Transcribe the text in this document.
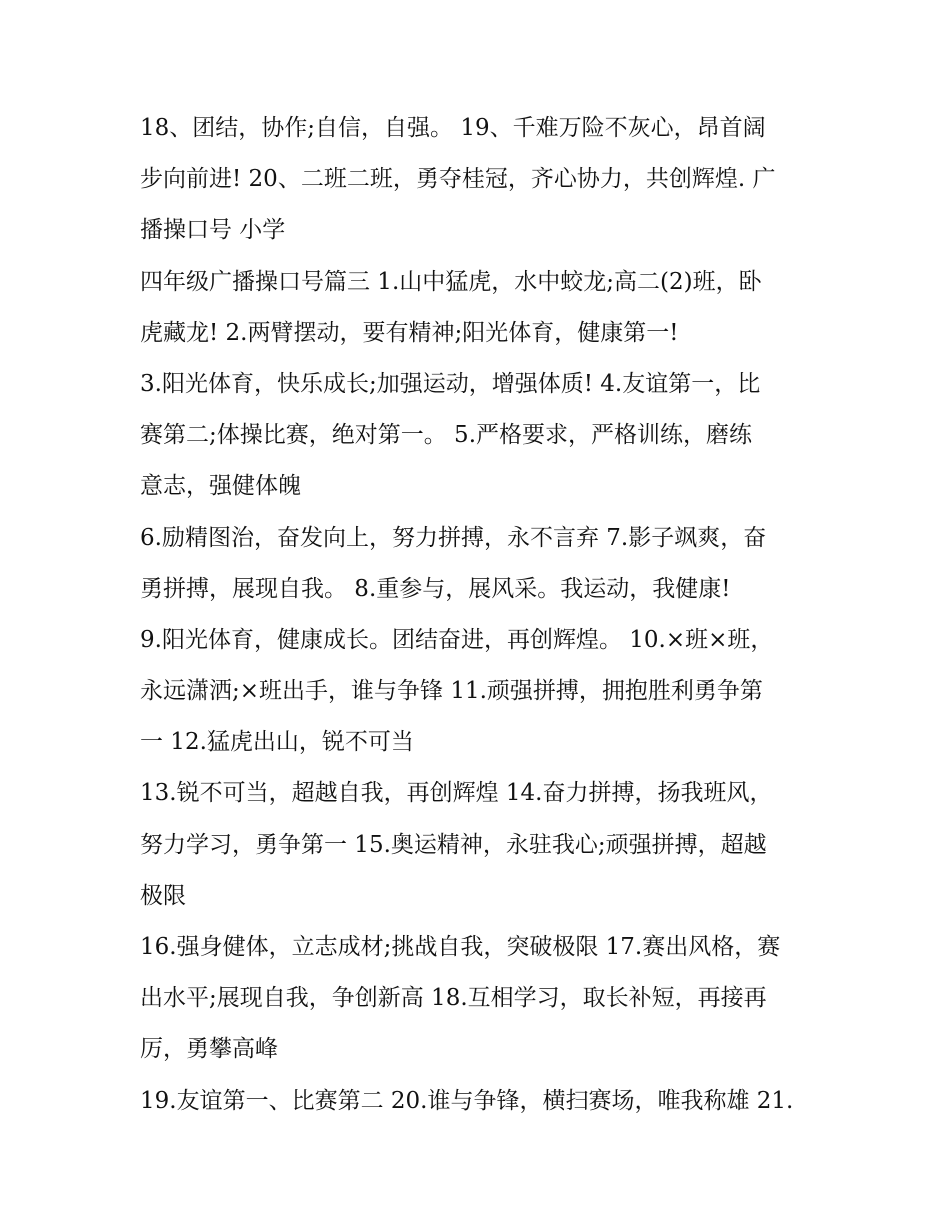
18、团结，协作;自信，自强。 19、千难万险不灰心，昂首阔
步向前进! 20、二班二班，勇夺桂冠，齐心协力，共创辉煌. 广
播操口号 小学

四年级广播操口号篇三 1.山中猛虎，水中蛟龙;高二(2)班，卧
虎藏龙! 2.两臂摆动，要有精神;阳光体育，健康第一!

3.阳光体育，快乐成长;加强运动，增强体质! 4.友谊第一，比
赛第二;体操比赛，绝对第一。 5.严格要求，严格训练，磨练
意志，强健体魄

6.励精图治，奋发向上，努力拼搏，永不言弃 7.影子飒爽，奋
勇拼搏，展现自我。 8.重参与，展风采。我运动，我健康!

9.阳光体育，健康成长。团结奋进，再创辉煌。 10.×班×班，
永远潇洒;×班出手，谁与争锋 11.顽强拼搏，拥抱胜利勇争第
一 12.猛虎出山，锐不可当

13.锐不可当，超越自我，再创辉煌 14.奋力拼搏，扬我班风，
努力学习，勇争第一 15.奥运精神，永驻我心;顽强拼搏，超越
极限

16.强身健体，立志成材;挑战自我，突破极限 17.赛出风格，赛
出水平;展现自我，争创新高 18.互相学习，取长补短，再接再
厉，勇攀高峰

19.友谊第一、比赛第二 20.谁与争锋，横扫赛场，唯我称雄 21.
